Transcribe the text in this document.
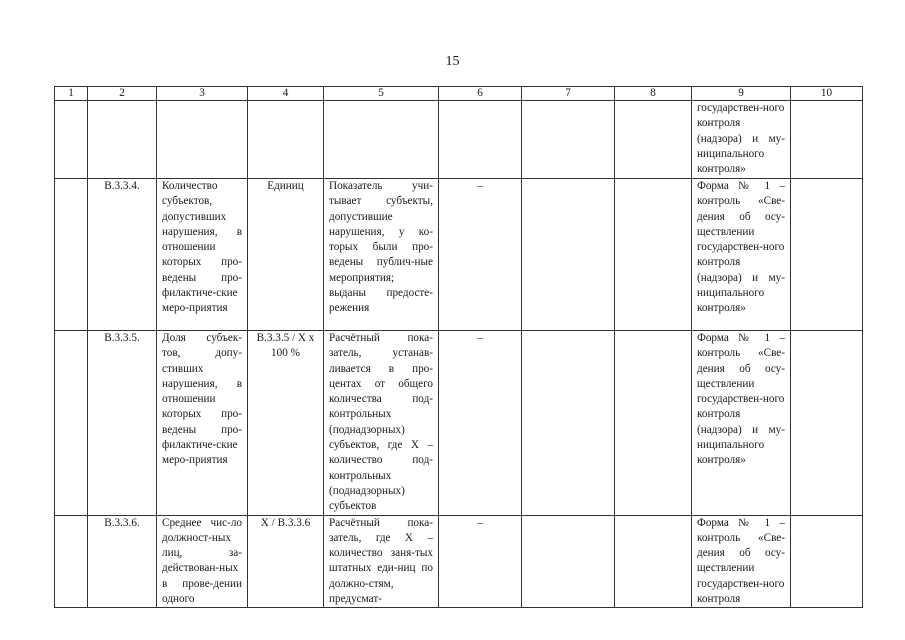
15
1	2	3	4	5	6	7	8	9	10
								государствен-ного контроля (надзора) и му-ниципального контроля»	
	В.3.3.4.	Количество субъектов, допустивших нарушения, в отношении которых про-ведены про-филактиче-ские меро-приятия	Единиц	Показатель учи-тывает субъекты, допустившие нарушения, у ко-торых были про-ведены публич-ные мероприятия; выданы предосте-режения	–			Форма № 1 – контроль «Све-дения об осу-ществлении государствен-ного контроля (надзора) и му-ниципального контроля»	
	В.3.3.5.	Доля субъек-тов, допу-стивших нарушения, в отношении которых про-ведены про-филактиче-ские меро-приятия	В.3.3.5 / Х х 100 %	Расчётный пока-затель, устанав-ливается в про-центах от общего количества под-контрольных (поднадзорных) субъектов, где Х – количество под-контрольных (поднадзорных) субъектов	–			Форма № 1 – контроль «Све-дения об осу-ществлении государствен-ного контроля (надзора) и му-ниципального контроля»	
	В.3.3.6.	Среднее чис-ло должност-ных лиц, за-действован-ных в прове-дении одного	Х / В.3.3.6	Расчётный пока-затель, где Х – количество заня-тых штатных еди-ниц по должно-стям, предусмат-	–			Форма № 1 – контроль «Све-дения об осу-ществлении государствен-ного контроля	
